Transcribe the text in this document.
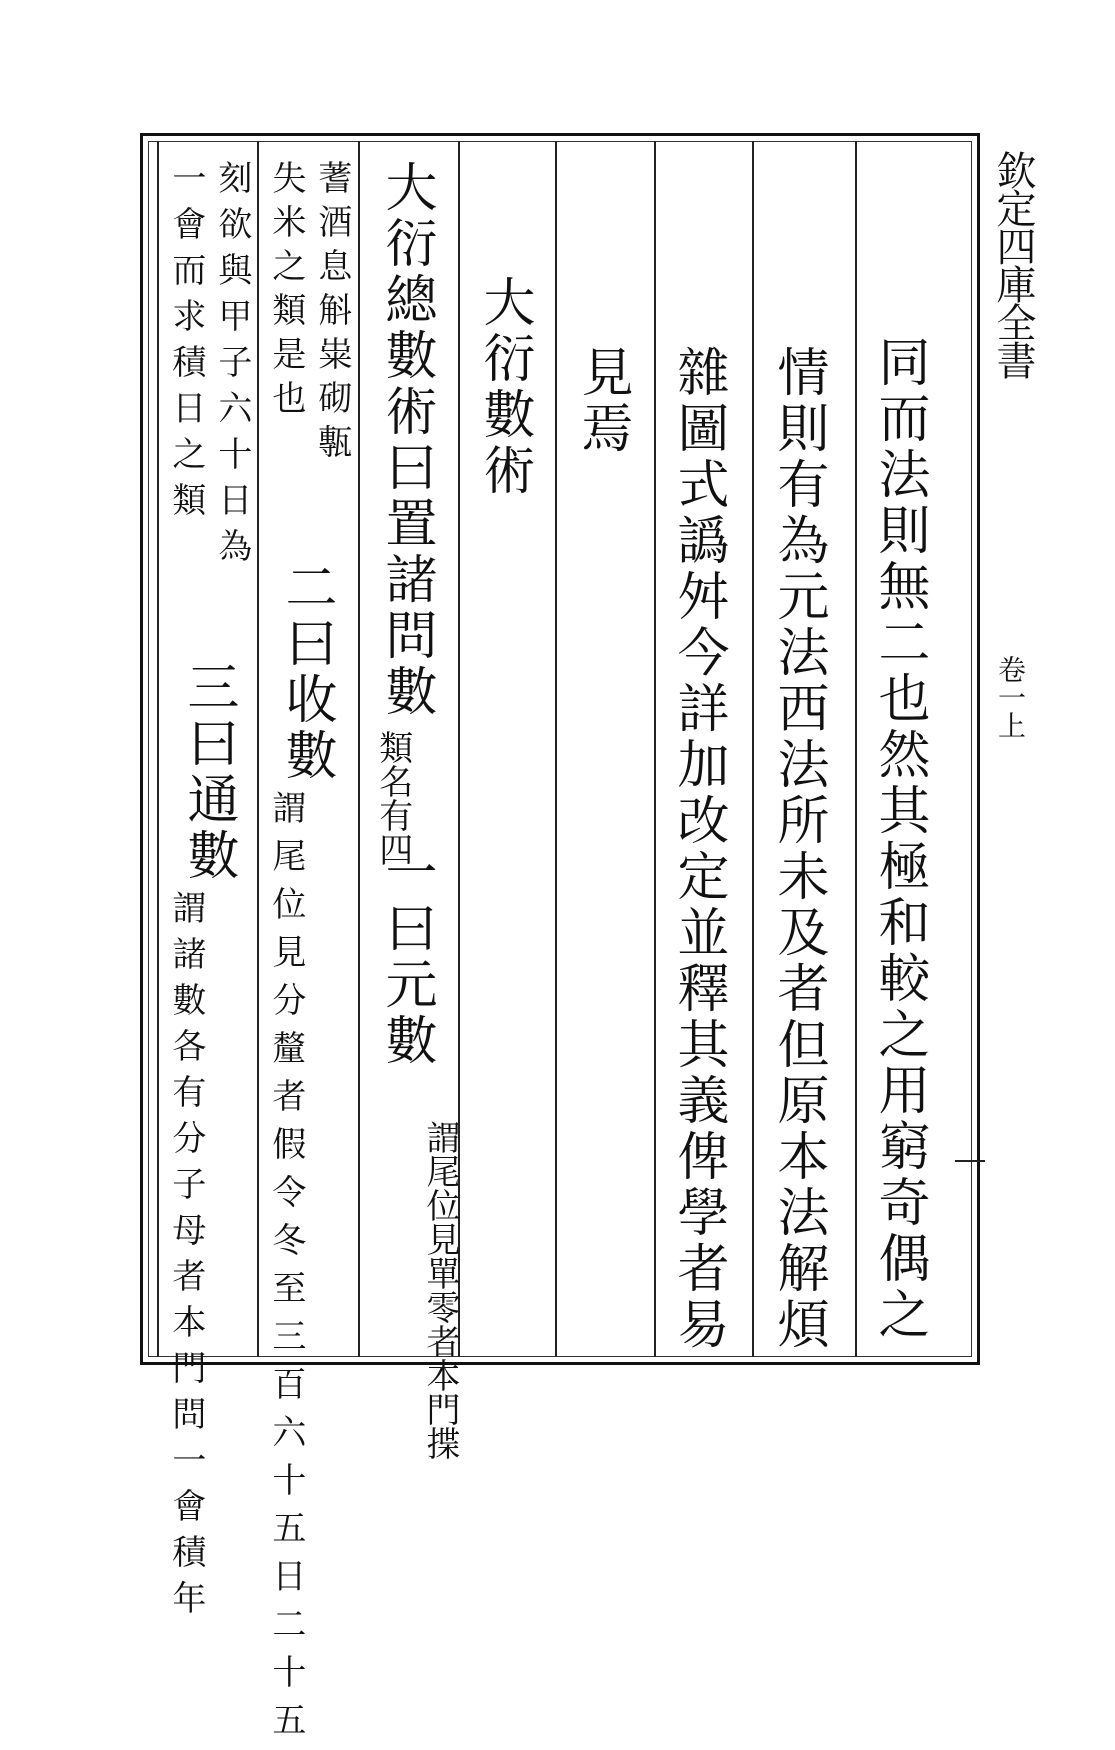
欽定四庫全書
卷一上
同而法則無二也然其極和較之用窮奇偶之
情則有為元法西法所未及者但原本法解煩
雜圖式譌舛今詳加改定並釋其義俾學者易
見焉
大衍數術
大衍總數術曰置諸問數
類名有四
一曰元數
謂尾位見單零者本門揲
蓍酒息斛粜砌甎
失米之類是也
二曰收數
謂尾位見分釐者假令冬至三百六十五日二十五
刻欲與甲子六十日為
一會而求積日之類
三曰通數
謂諸數各有分子母者本門問一會積年
